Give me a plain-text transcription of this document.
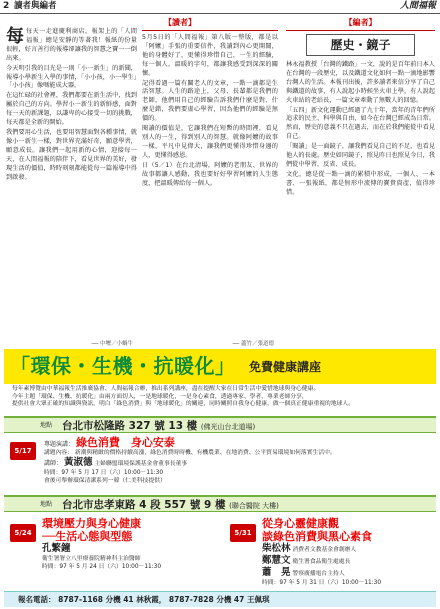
2 讀者與編者	人間福報

每每天一走進慶利商店，報架上的「人間福報」總是安靜的等著我！報紙的份量很輕，好言善行的報導卻讓我的智慧之寶一一倒出來。

今天明引我的目光是一則「小一新生」的新聞，報導小學新生入學的事情，「小小孩，小一學生」「小小孩」像嗎能成大器。

在這忙碌的社會裡，我們都要在新生活中，找到屬於自己的方向。學習小一新生的新鮮感，面對每一天的新課題，以謙卑的心接受一切的挑戰，每天都是全新的開始。

我們要用心生活，也要用智慧面對各種事情，就像小一新生一樣，對世界充滿好奇，願意學習，願意成長。讓我們一起用新的心情，迎接每一天，在人間福報的陪伴下，看見世界的美好，發現生活的價值，時時刻刻都能從每一篇報導中得到啟發。

── 中壢／小蝸牛
【讀者】

5月5日的「人間福報」第八版一整版，都是以「阿嬤」手張的重要信件，我讀到內心更開闊，他的身體好了，更懂得珍惜自己，一生的經驗，每一個人，溫暖的字句，都讓我感受到深深的關懷。

記得看過一篇有關老人的文章，一點一滴都是生活智慧。人生的路途上，父母、長輩都是我們的老師，他們用自己的經驗告訴我們什麼是對、什麼是錯，我們要虛心學習，因為他們的經驗是無價的。

閱讀的價值是，它讓我們在短暫的時間裡，看見別人的一生，得到別人的智慧。就像阿嬤的故事一樣，平凡中見偉大，讓我們更懂得珍惜身邊的人，更懂得感恩。

日（5／1）在台北清場，阿嬤的老朋友、世界的故事都讓人感動，我也要好好學習阿嬤的人生態度，把溫暖傳給每一個人。

── 蘆竹／張道德
【編者】
歷史・鏡子

林永福教授「台灣的鐵路」一文，說的是百年前日本人在台灣的一段歷史，以及鐵道文化如何一點一滴地影響台灣人的生活。本報刊出後，許多讀者來信分享了自己與鐵道的故事，有人說起小時候坐火車上學，有人說起火車站的老站長，一篇文章牽動了無數人的回憶。

「五四」新文化運動已經過了九十年，當年的青年們所追求的民主、科學與自由，如今在台灣已經成為日常。然而，歷史的意義不只在過去，而在於我們能從中看見自己。

「閱讀」是一面鏡子，讓我們看見自己的不足，也看見他人的長處。歷史如同鏡子，照見昨日也照見今日，我們從中學習、反省、成長。

文化，總是從一點一滴的累積中形成，一個人、一本書、一張報紙，都是無形中流傳的寶貴資產，值得珍惜。

「環保・生機・抗暖化」 免費健康講座

每年素博覽由中華福報生活推廣協會、人間福報合辦，推出系列講座，盡在提醒大家在日常生活中愛惜地球與身心健康。

今年主題「環保、生機、抗暖化」由兩方面切入，一是地球暖化，一是身心素食，透過專家、學者，專業老師分享，

提供社會大眾正確的知識與資訊，明白「綠色消費」與「地球暖化」的關連，同時關照自我身心健康，做一個真正健康重視的地球人。

地點 台北市松隆路 327 號 13 樓 (佛光山台北道場)
5/17
專題演講： 綠色消費　身心安泰
講題內容： 新潮與精緻的價格持續高漲，綠色消費時時機、有機農業、在地消費、公平貿易環境如何落實生活中。
講師： 黃淑德 主婦聯盟環境保護基金會董事長董事
時間：97 年 5 月 17 日（六）10:00－11:30
會後可舉辦環保清潔系列一韓（仁美科技提供）
地點 台北市忠孝東路 4 段 557 號 9 樓 (聯合醫院 大樓)
5/24
環境壓力與身心健康
──生活心態與型態
孔繁鐘
衛生署署立八里療養院精神科主治醫師
時間：97 年 5 月 24 日（六）10:00－11:30
5/31
從身心靈健康觀
談綠色消費與黑心素食
柴松林 消費者文教基金會創辦人
鄭慧文 衛生署食品衛生處處長
蕭　晃 警察廣播電台主持人
時間：97 年 5 月 31 日（六）10:00－11:30
報名電話： 8787-1168 分機 41 林秋霞， 8787-7828 分機 47 王佩琪
